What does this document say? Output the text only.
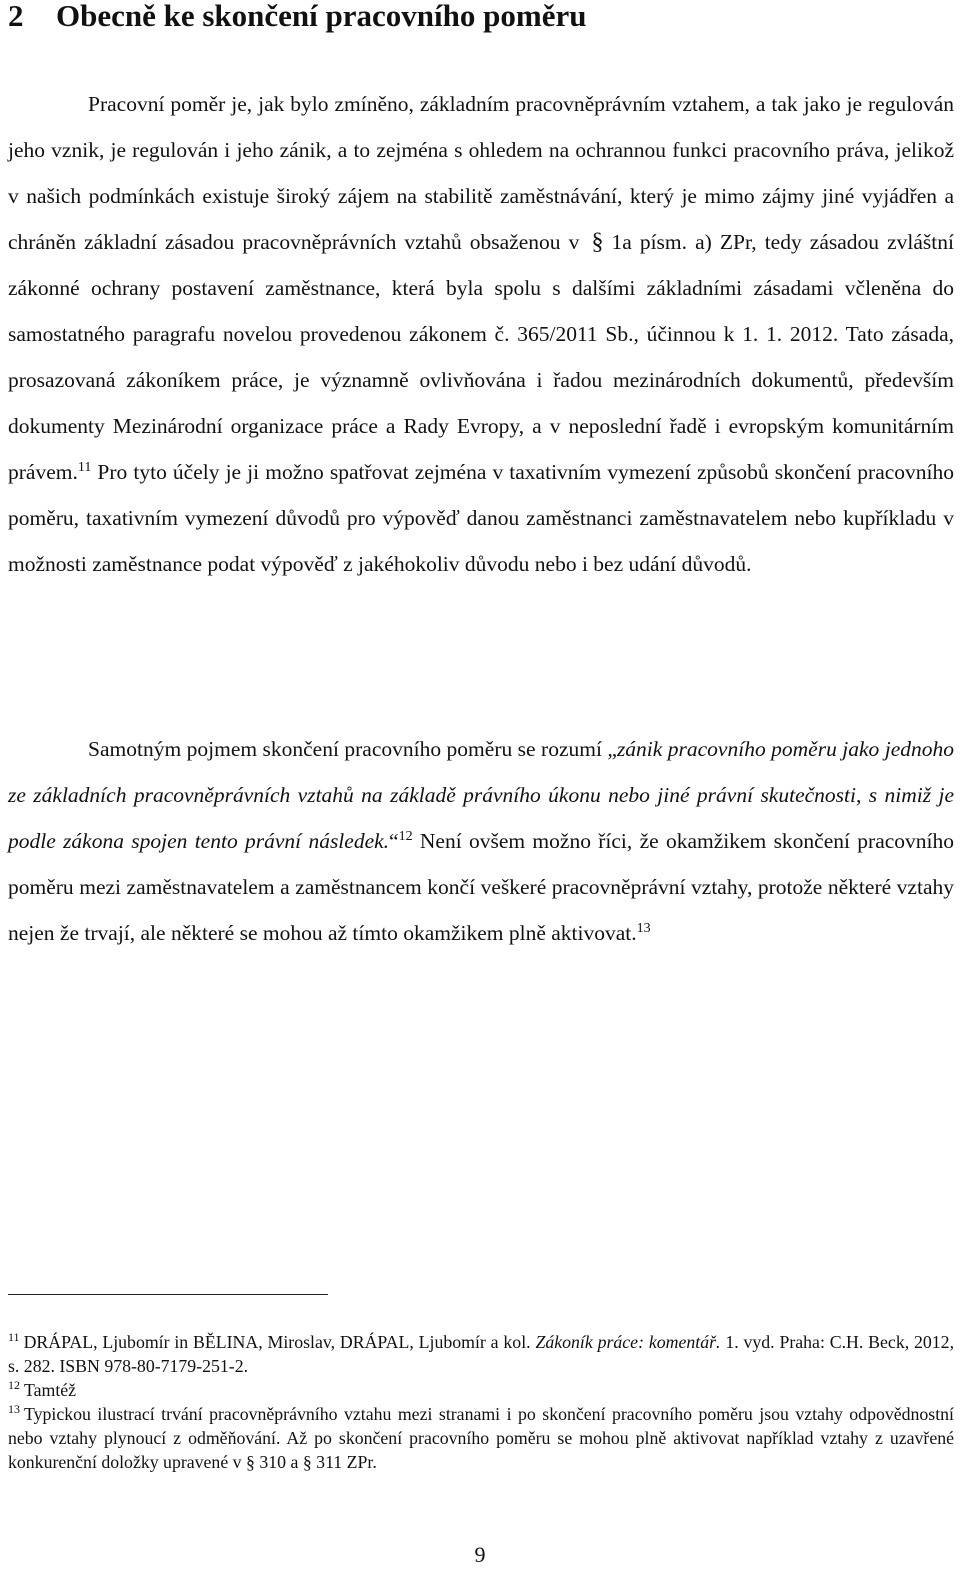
2 Obecně ke skončení pracovního poměru

Pracovní poměr je, jak bylo zmíněno, základním pracovněprávním vztahem, a tak jako je regulován jeho vznik, je regulován i jeho zánik, a to zejména s ohledem na ochrannou funkci pracovního práva, jelikož v našich podmínkách existuje široký zájem na stabilitě zaměstnávání, který je mimo zájmy jiné vyjádřen a chráněn základní zásadou pracovněprávních vztahů obsaženou v § 1a písm. a) ZPr, tedy zásadou zvláštní zákonné ochrany postavení zaměstnance, která byla spolu s dalšími základními zásadami včleněna do samostatného paragrafu novelou provedenou zákonem č. 365/2011 Sb., účinnou k 1. 1. 2012. Tato zásada, prosazovaná zákoníkem práce, je významně ovlivňována i řadou mezinárodních dokumentů, především dokumenty Mezinárodní organizace práce a Rady Evropy, a v neposlední řadě i evropským komunitárním právem.$^{11}$ Pro tyto účely je ji možno spatřovat zejména v taxativním vymezení způsobů skončení pracovního poměru, taxativním vymezení důvodů pro výpověď danou zaměstnanci zaměstnavatelem nebo kupříkladu v možnosti zaměstnance podat výpověď z jakéhokoliv důvodu nebo i bez udání důvodů.

Samotným pojmem skončení pracovního poměru se rozumí „zánik pracovního poměru jako jednoho ze základních pracovněprávních vztahů na základě právního úkonu nebo jiné právní skutečnosti, s nimiž je podle zákona spojen tento právní následek.“$^{12}$ Není ovšem možno říci, že okamžikem skončení pracovního poměru mezi zaměstnavatelem a zaměstnancem končí veškeré pracovněprávní vztahy, protože některé vztahy nejen že trvají, ale některé se mohou až tímto okamžikem plně aktivovat.$^{13}$

$^{11}$ DRÁPAL, Ljubomír in BĚLINA, Miroslav, DRÁPAL, Ljubomír a kol. Zákoník práce: komentář. 1. vyd. Praha: C.H. Beck, 2012, s. 282. ISBN 978-80-7179-251-2.

$^{12}$ Tamtéž

$^{13}$ Typickou ilustrací trvání pracovněprávního vztahu mezi stranami i po skončení pracovního poměru jsou vztahy odpovědnostní nebo vztahy plynoucí z odměňování. Až po skončení pracovního poměru se mohou plně aktivovat například vztahy z uzavřené konkurenční doložky upravené v § 310 a § 311 ZPr.

9
